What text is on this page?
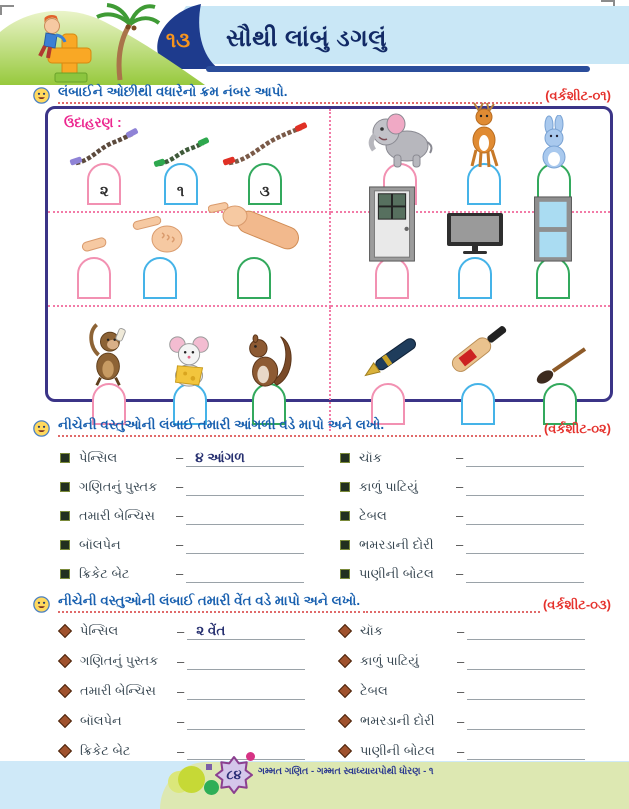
૧૩	સૌથી લાંબું ડગલું
લંબાઈને ઓછીથી વધારેનો ક્રમ નંબર આપો.	(વર્કશીટ-૦૧)
ઉદાહરણ :
૨	૧	૩
નીચેની વસ્તુઓની લંબાઈ તમારી આંગળી વડે માપો અને લખો.	(વર્કશીટ-૦૨)
પેન્સિલ	– ૪ આંગળ	ચૉક	–
ગણિતનું પુસ્તક	–	કાળું પાટિયું	–
તમારી બેન્ચિસ	–	ટેબલ	–
બૉલપેન	–	ભમરડાની દોરી	–
ક્રિકેટ બેટ	–	પાણીની બોટલ	–
નીચેની વસ્તુઓની લંબાઈ તમારી વેંત વડે માપો અને લખો.	(વર્કશીટ-૦૩)
પેન્સિલ	– ૨ વેંત	ચૉક	–
ગણિતનું પુસ્તક	–	કાળું પાટિયું	–
તમારી બેન્ચિસ	–	ટેબલ	–
બૉલપેન	–	ભમરડાની દોરી	–
ક્રિકેટ બેટ	–	પાણીની બોટલ	–
૮૪	ગમ્મત ગણિત - ગમ્મત સ્વાધ્યાયપોથી ધોરણ - ૧
